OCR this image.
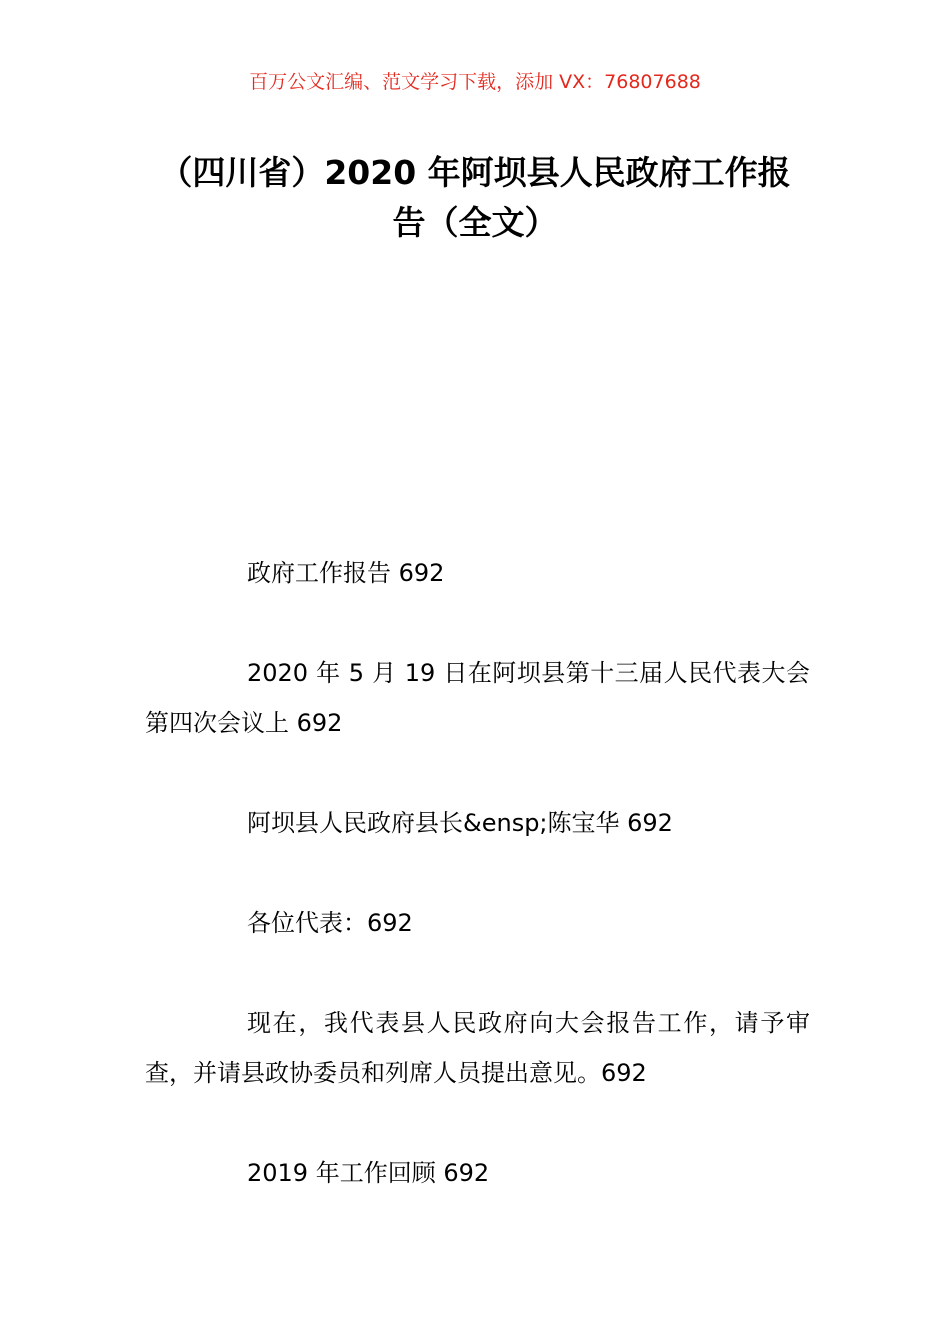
百万公文汇编、范文学习下载，添加 VX：76807688
（四川省）2020 年阿坝县人民政府工作报
告（全文）

政府工作报告 692

2020 年 5 月 19 日在阿坝县第十三届人民代表大会第四次会议上 692

阿坝县人民政府县长&ensp;陈宝华 692

各位代表：692

现在，我代表县人民政府向大会报告工作，请予审查，并请县政协委员和列席人员提出意见。692

2019 年工作回顾 692
